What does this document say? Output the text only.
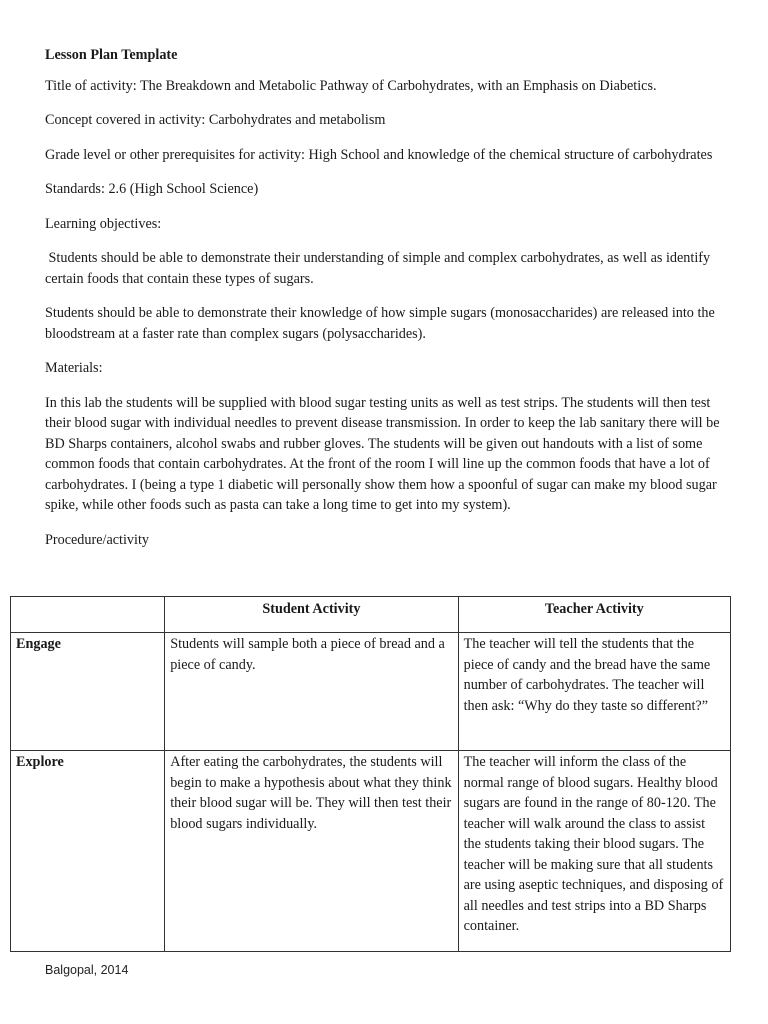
Lesson Plan Template

Title of activity: The Breakdown and Metabolic Pathway of Carbohydrates, with an Emphasis on Diabetics.

Concept covered in activity: Carbohydrates and metabolism

Grade level or other prerequisites for activity: High School and knowledge of the chemical structure of carbohydrates

Standards: 2.6 (High School Science)

Learning objectives:

Students should be able to demonstrate their understanding of simple and complex carbohydrates, as well as identify certain foods that contain these types of sugars.

Students should be able to demonstrate their knowledge of how simple sugars (monosaccharides) are released into the bloodstream at a faster rate than complex sugars (polysaccharides).

Materials:

In this lab the students will be supplied with blood sugar testing units as well as test strips. The students will then test their blood sugar with individual needles to prevent disease transmission. In order to keep the lab sanitary there will be BD Sharps containers, alcohol swabs and rubber gloves. The students will be given out handouts with a list of some common foods that contain carbohydrates. At the front of the room I will line up the common foods that have a lot of carbohydrates. I (being a type 1 diabetic will personally show them how a spoonful of sugar can make my blood sugar spike, while other foods such as pasta can take a long time to get into my system).

Procedure/activity

	Student Activity	Teacher Activity
Engage	Students will sample both a piece of bread and a piece of candy.	The teacher will tell the students that the piece of candy and the bread have the same number of carbohydrates. The teacher will then ask: “Why do they taste so different?”
Explore	After eating the carbohydrates, the students will begin to make a hypothesis about what they think their blood sugar will be. They will then test their blood sugars individually.	The teacher will inform the class of the normal range of blood sugars. Healthy blood sugars are found in the range of 80-120. The teacher will walk around the class to assist the students taking their blood sugars. The teacher will be making sure that all students are using aseptic techniques, and disposing of all needles and test strips into a BD Sharps container.
Balgopal, 2014
